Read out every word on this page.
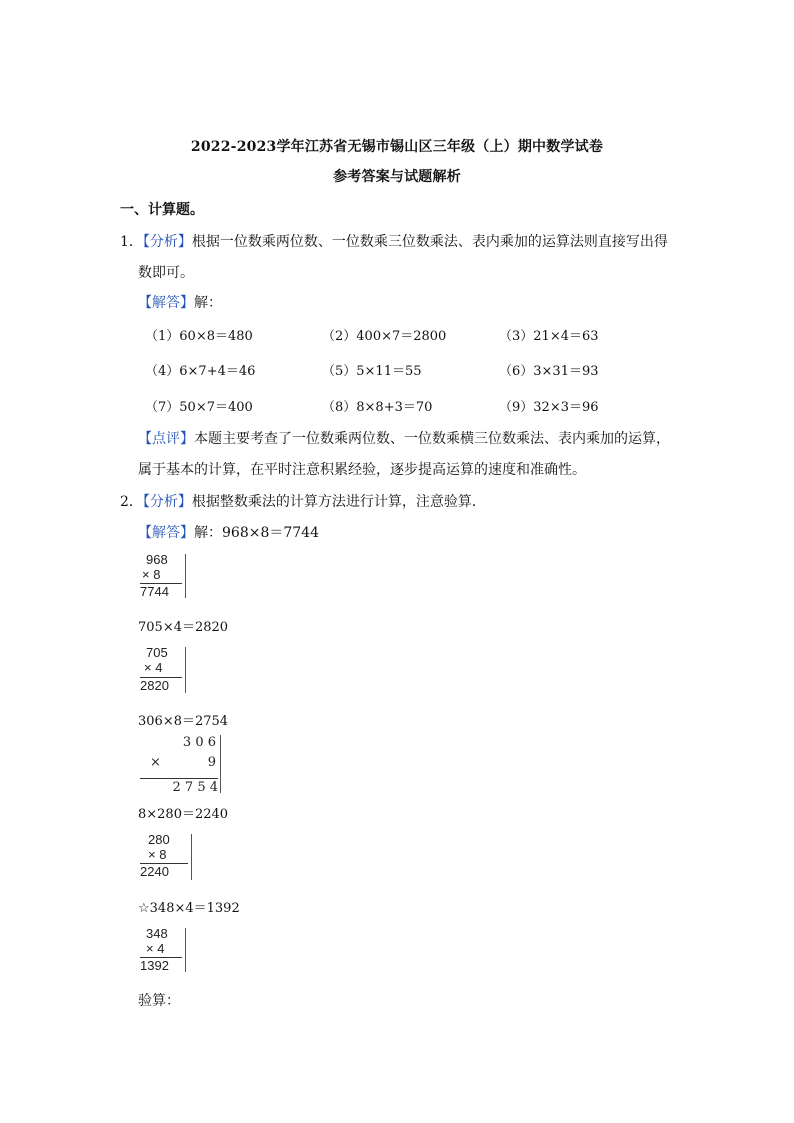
2022-2023学年江苏省无锡市锡山区三年级（上）期中数学试卷
参考答案与试题解析
一、计算题。
1．【分析】根据一位数乘两位数、一位数乘三位数乘法、表内乘加的运算法则直接写出得
数即可。
【解答】解：
（1）60×8＝480	（2）400×7＝2800	（3）21×4＝63
（4）6×7+4＝46	（5）5×11＝55	（6）3×31＝93
（7）50×7＝400	（8）8×8+3＝70	（9）32×3＝96
【点评】本题主要考查了一位数乘两位数、一位数乘横三位数乘法、表内乘加的运算，
属于基本的计算，在平时注意积累经验，逐步提高运算的速度和准确性。
2．【分析】根据整数乘法的计算方法进行计算，注意验算．
【解答】解：968×8＝7744
968
× 8
7744
705×4＝2820
705
× 4
2820
306×8＝2754
3 0 6
×	9
2 7 5 4
8×280＝2240
280
× 8
2240
☆348×4＝1392
348
× 4
1392
验算：
